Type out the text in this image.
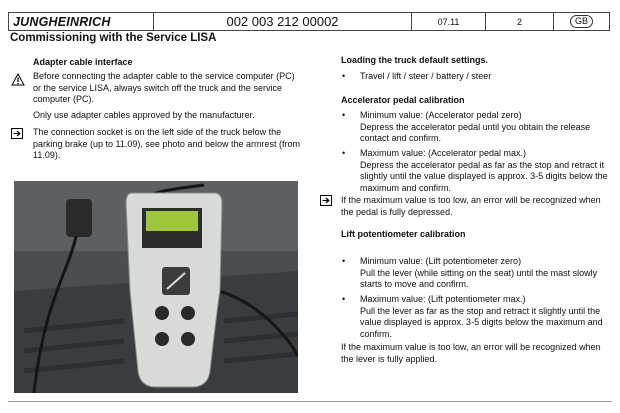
JUNGHEINRICH	002 003 212 00002	07.11	2	GB
Commissioning with the Service LISA
Adapter cable interface
Before connecting the adapter cable to the service computer (PC) or the service LISA, always switch off the truck and the service computer (PC).
Only use adapter cables approved by the manufacturer.
The connection socket is on the left side of the truck below the parking brake (up to 11.09), see photo and below the armrest (from 11.09).
Loading the truck default settings.
• Travel / lift / steer / battery / steer
Accelerator pedal calibration
• Minimum value: (Accelerator pedal zero)
Depress the accelerator pedal until you obtain the release contact and confirm.
• Maximum value: (Accelerator pedal max.)
Depress the accelerator pedal as far as the stop and retract it slightly until the value displayed is approx. 3-5 digits below the maximum and confirm.
If the maximum value is too low, an error will be recognized when the pedal is fully depressed.
Lift potentiometer calibration
• Minimum value: (Lift potentiometer zero)
Pull the lever (while sitting on the seat) until the mast slowly starts to move and confirm.
• Maximum value: (Lift potentiometer max.)
Pull the lever as far as the stop and retract it slightly until the value displayed is approx. 3-5 digits below the maximum and confirm.
If the maximum value is too low, an error will be recognized when the lever is fully applied.
